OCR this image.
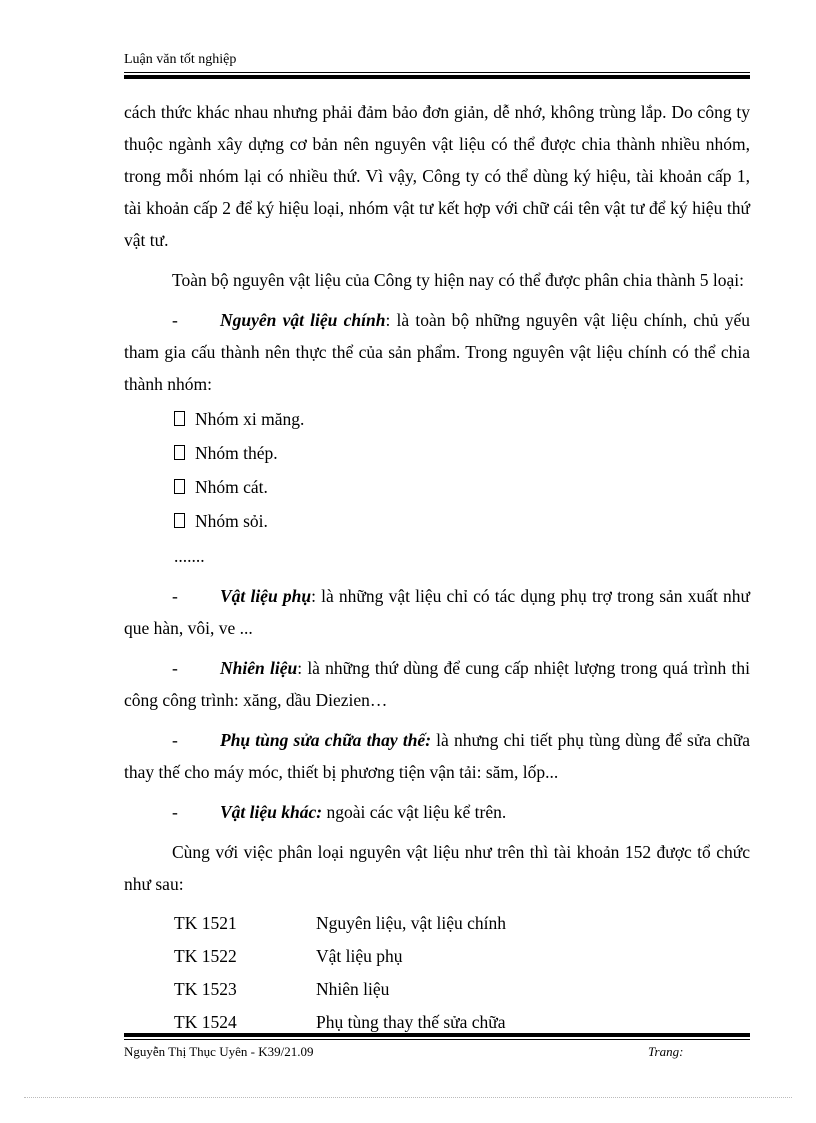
Luận văn tốt nghiệp

cách thức khác nhau nhưng phải đảm bảo đơn giản, dễ nhớ, không trùng lắp. Do công ty thuộc ngành xây dựng cơ bản nên nguyên vật liệu có thể được chia thành nhiều nhóm, trong mỗi nhóm lại có nhiều thứ. Vì vậy, Công ty có thể dùng ký hiệu, tài khoản cấp 1, tài khoản cấp 2 để ký hiệu loại, nhóm vật tư kết hợp với chữ cái tên vật tư để ký hiệu thứ vật tư.

Toàn bộ nguyên vật liệu của Công ty hiện nay có thể được phân chia thành 5 loại:

- Nguyên vật liệu chính: là toàn bộ những nguyên vật liệu chính, chủ yếu tham gia cấu thành nên thực thể của sản phẩm. Trong nguyên vật liệu chính có thể chia thành nhóm:

Nhóm xi măng.
Nhóm thép.
Nhóm cát.
Nhóm sỏi.

.......

- Vật liệu phụ: là những vật liệu chỉ có tác dụng phụ trợ trong sản xuất như que hàn, vôi, ve ...

- Nhiên liệu: là những thứ dùng để cung cấp nhiệt lượng trong quá trình thi công công trình: xăng, dầu Diezien…

- Phụ tùng sửa chữa thay thế: là nhưng chi tiết phụ tùng dùng để sửa chữa thay thế cho máy móc, thiết bị phương tiện vận tải: săm, lốp...

- Vật liệu khác: ngoài các vật liệu kể trên.

Cùng với việc phân loại nguyên vật liệu như trên thì tài khoản 152 được tổ chức như sau:

TK 1521	Nguyên liệu, vật liệu chính
TK 1522	Vật liệu phụ
TK 1523	Nhiên liệu
TK 1524	Phụ tùng thay thế sửa chữa
Nguyễn Thị Thục Uyên - K39/21.09	Trang:
